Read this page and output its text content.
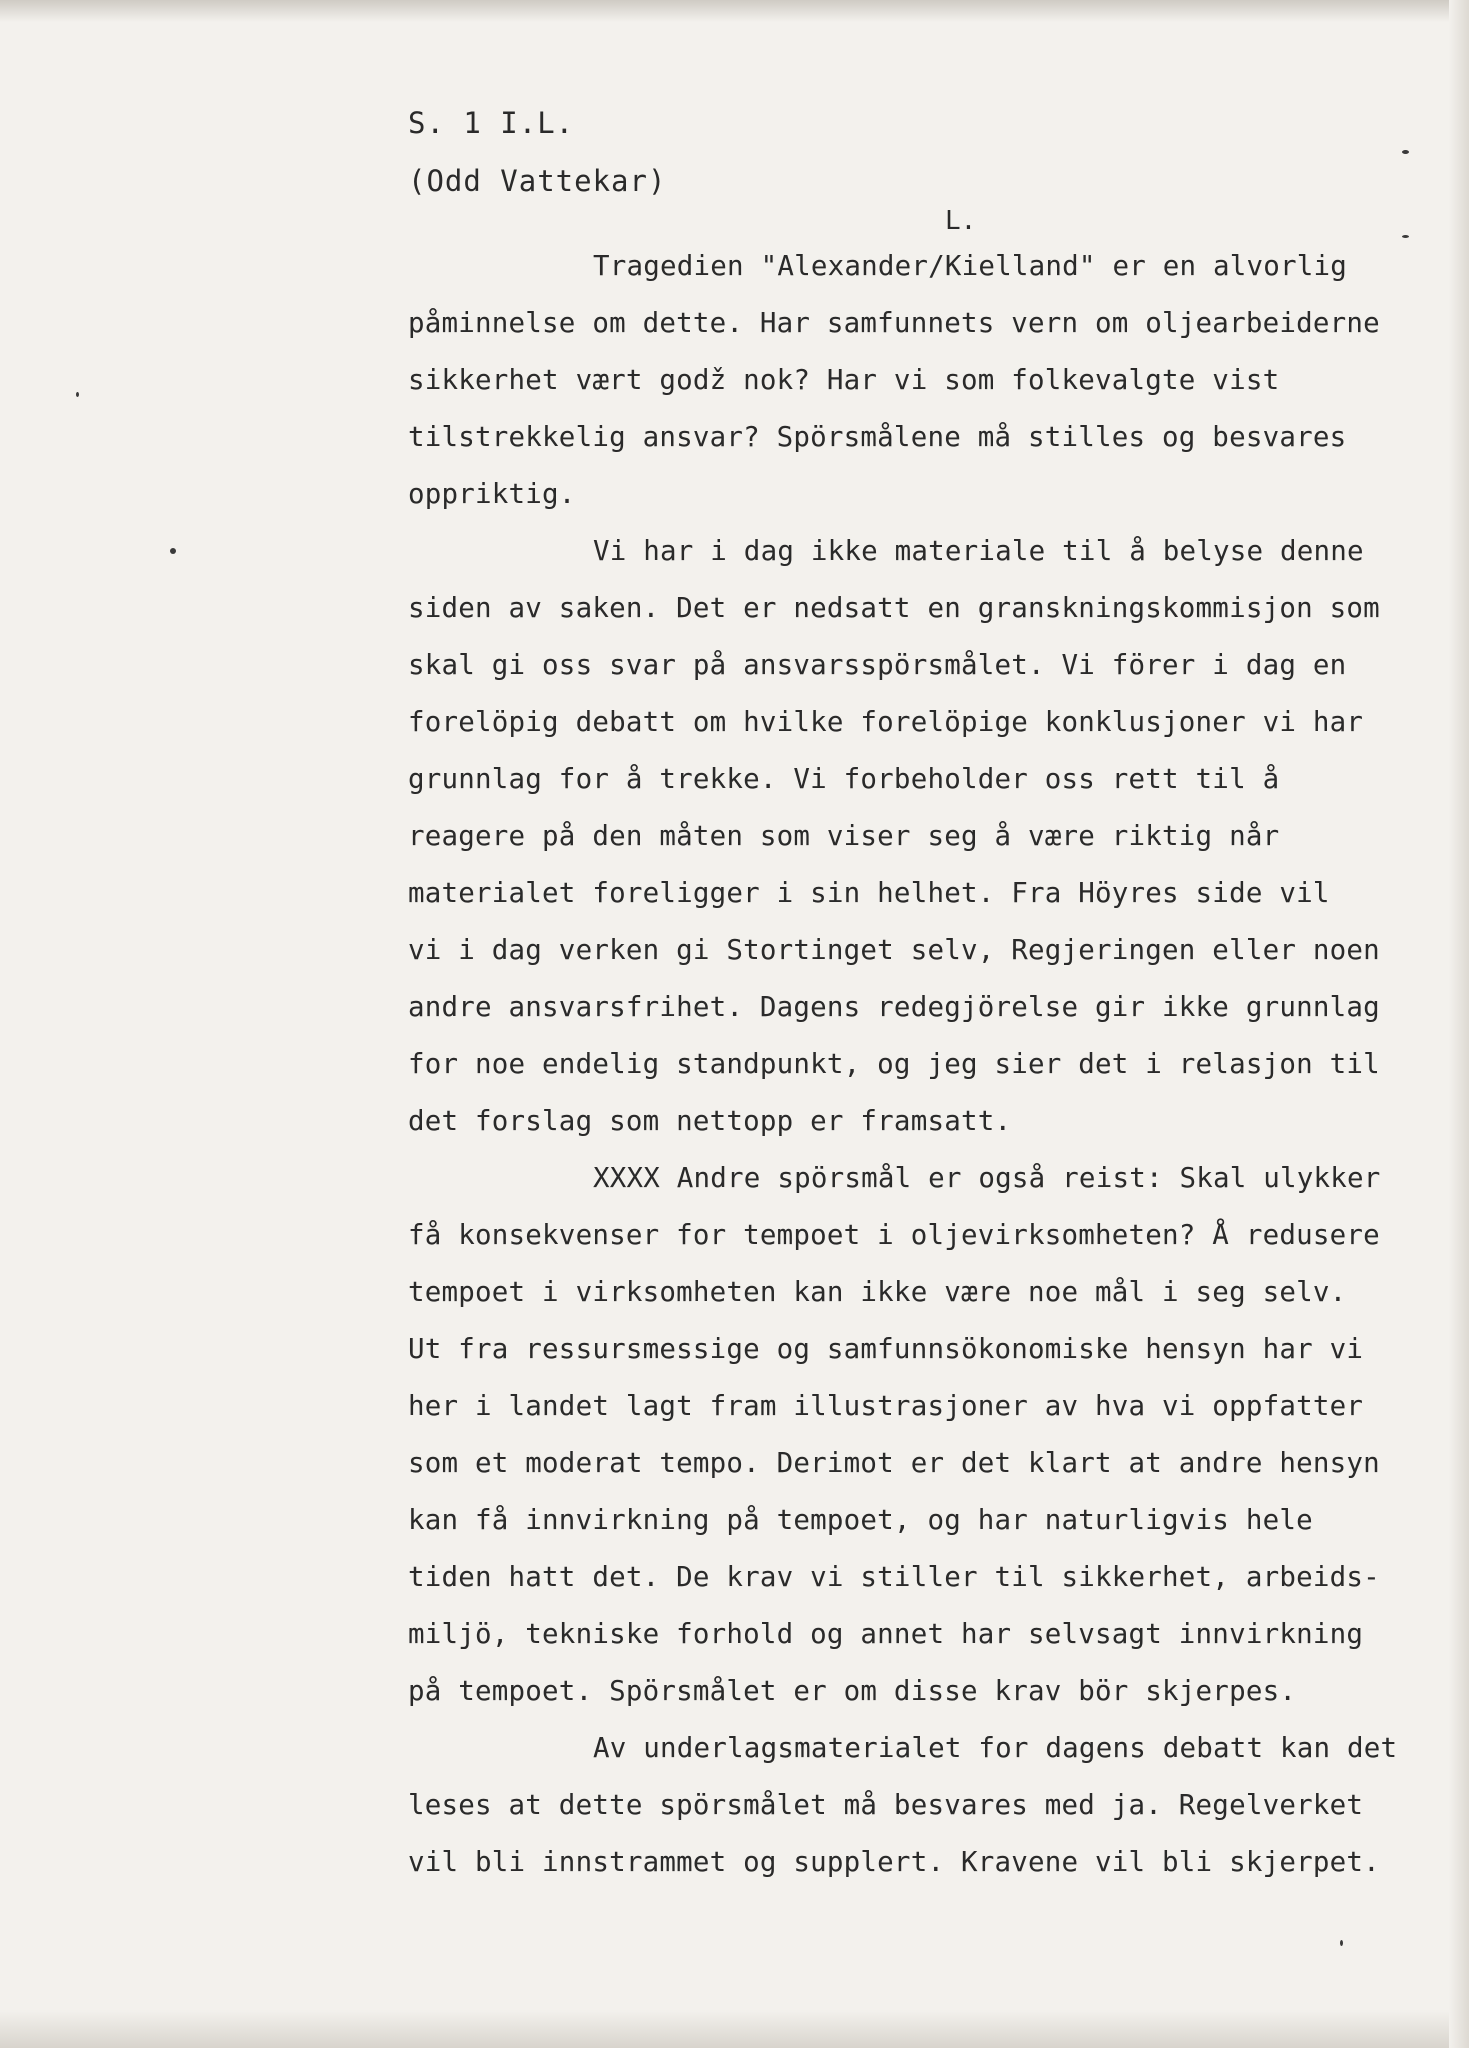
S. 1 I.L.
(Odd Vattekar)
L.
Tragedien "Alexander/Kielland" er en alvorlig
påminnelse om dette. Har samfunnets vern om oljearbeiderne
sikkerhet vært godž nok? Har vi som folkevalgte vist
tilstrekkelig ansvar? Spörsmålene må stilles og besvares
oppriktig.
Vi har i dag ikke materiale til å belyse denne
siden av saken. Det er nedsatt en granskningskommisjon som
skal gi oss svar på ansvarsspörsmålet. Vi förer i dag en
forelöpig debatt om hvilke forelöpige konklusjoner vi har
grunnlag for å trekke. Vi forbeholder oss rett til å
reagere på den måten som viser seg å være riktig når
materialet foreligger i sin helhet. Fra Höyres side vil
vi i dag verken gi Stortinget selv, Regjeringen eller noen
andre ansvarsfrihet. Dagens redegjörelse gir ikke grunnlag
for noe endelig standpunkt, og jeg sier det i relasjon til
det forslag som nettopp er framsatt.
XXXX Andre spörsmål er også reist: Skal ulykker
få konsekvenser for tempoet i oljevirksomheten? Å redusere
tempoet i virksomheten kan ikke være noe mål i seg selv.
Ut fra ressursmessige og samfunnsökonomiske hensyn har vi
her i landet lagt fram illustrasjoner av hva vi oppfatter
som et moderat tempo. Derimot er det klart at andre hensyn
kan få innvirkning på tempoet, og har naturligvis hele
tiden hatt det. De krav vi stiller til sikkerhet, arbeids-
miljö, tekniske forhold og annet har selvsagt innvirkning
på tempoet. Spörsmålet er om disse krav bör skjerpes.
Av underlagsmaterialet for dagens debatt kan det
leses at dette spörsmålet må besvares med ja. Regelverket
vil bli innstrammet og supplert. Kravene vil bli skjerpet.
